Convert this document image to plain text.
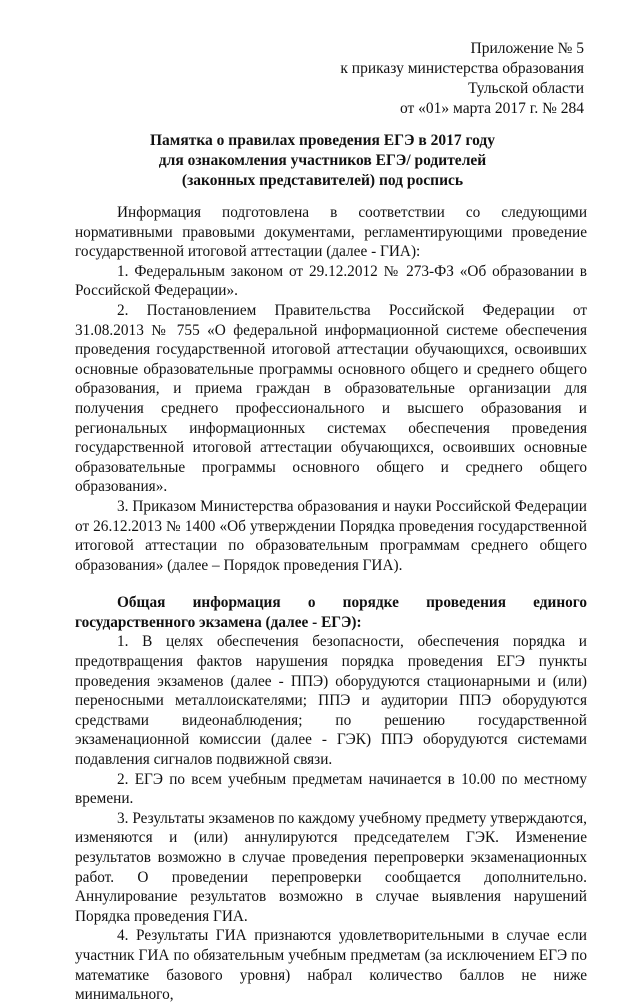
Приложение № 5
к приказу министерства образования
Тульской области
от «01» марта 2017 г. № 284
Памятка о правилах проведения ЕГЭ в 2017 году
для ознакомления участников ЕГЭ/ родителей
(законных представителей) под роспись

Информация подготовлена в соответствии со следующими нормативными правовыми документами, регламентирующими проведение государственной итоговой аттестации (далее - ГИА):

1. Федеральным законом от 29.12.2012 № 273-ФЗ «Об образовании в Российской Федерации».

2. Постановлением Правительства Российской Федерации от 31.08.2013 № 755 «О федеральной информационной системе обеспечения проведения государственной итоговой аттестации обучающихся, освоивших основные образовательные программы основного общего и среднего общего образования, и приема граждан в образовательные организации для получения среднего профессионального и высшего образования и региональных информационных системах обеспечения проведения государственной итоговой аттестации обучающихся, освоивших основные образовательные программы основного общего и среднего общего образования».

3. Приказом Министерства образования и науки Российской Федерации от 26.12.2013 № 1400 «Об утверждении Порядка проведения государственной итоговой аттестации по образовательным программам среднего общего образования» (далее – Порядок проведения ГИА).

Общая информация о порядке проведения единого государственного экзамена (далее - ЕГЭ):

1. В целях обеспечения безопасности, обеспечения порядка и предотвращения фактов нарушения порядка проведения ЕГЭ пункты проведения экзаменов (далее - ППЭ) оборудуются стационарными и (или) переносными металлоискателями; ППЭ и аудитории ППЭ оборудуются средствами видеонаблюдения; по решению государственной экзаменационной комиссии (далее - ГЭК) ППЭ оборудуются системами подавления сигналов подвижной связи.

2. ЕГЭ по всем учебным предметам начинается в 10.00 по местному времени.

3. Результаты экзаменов по каждому учебному предмету утверждаются, изменяются и (или) аннулируются председателем ГЭК. Изменение результатов возможно в случае проведения перепроверки экзаменационных работ. О проведении перепроверки сообщается дополнительно. Аннулирование результатов возможно в случае выявления нарушений Порядка проведения ГИА.

4. Результаты ГИА признаются удовлетворительными в случае если участник ГИА по обязательным учебным предметам (за исключением ЕГЭ по математике базового уровня) набрал количество баллов не ниже минимального,
